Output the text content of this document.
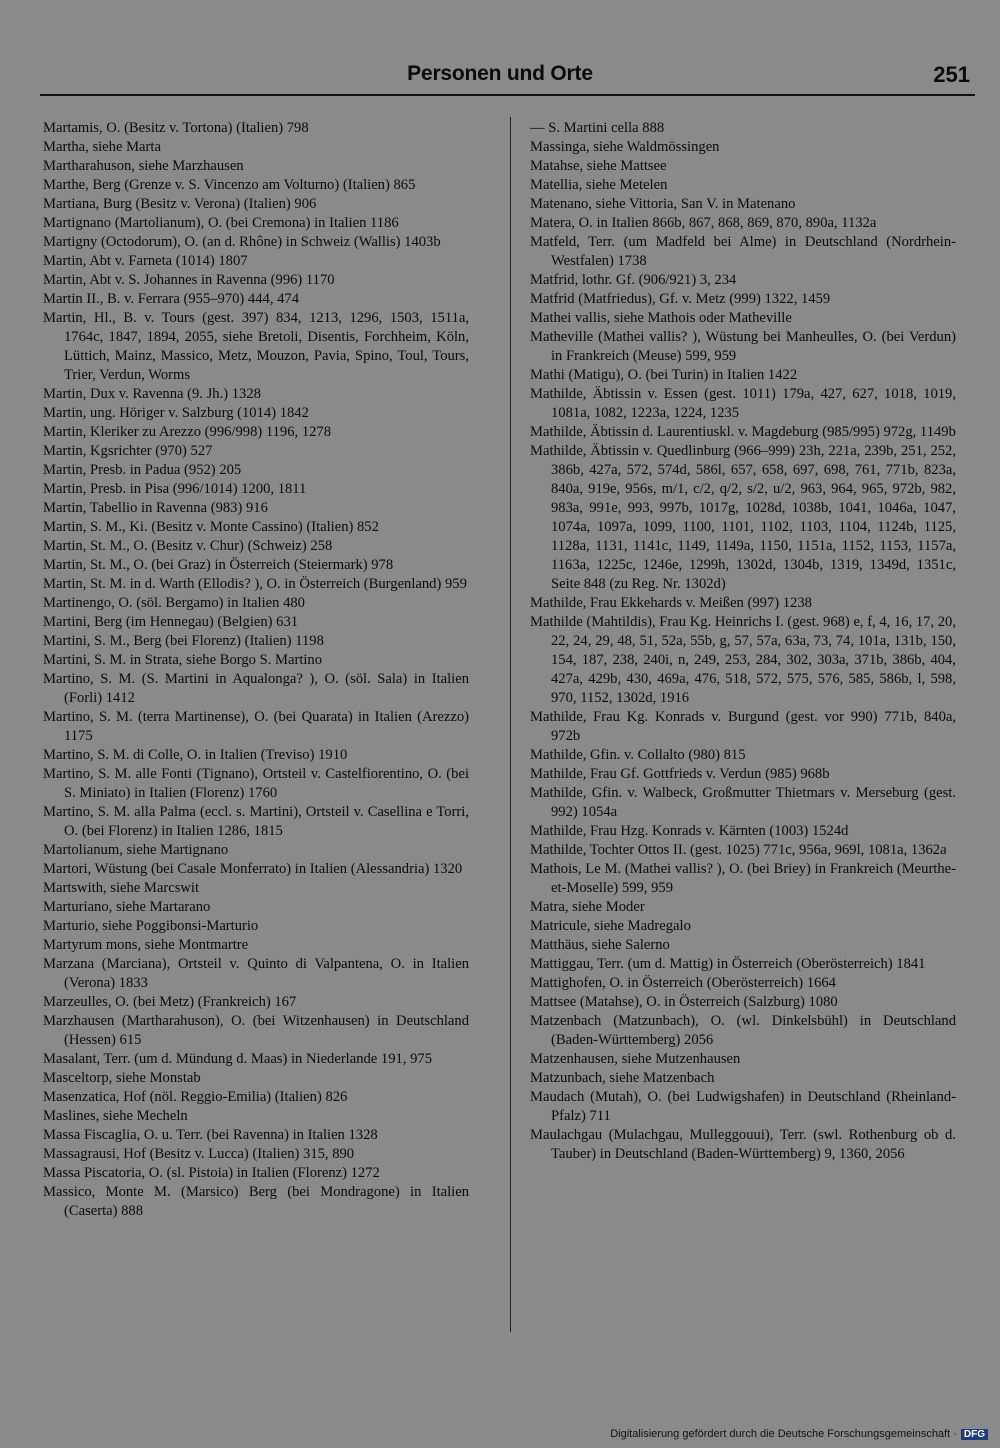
Personen und Orte	251

Martamis, O. (Besitz v. Tortona) (Italien) 798

Martha, siehe Marta

Martharahuson, siehe Marzhausen

Marthe, Berg (Grenze v. S. Vincenzo am Volturno) (Italien) 865

Martiana, Burg (Besitz v. Verona) (Italien) 906

Martignano (Martolianum), O. (bei Cremona) in Italien 1186

Martigny (Octodorum), O. (an d. Rhône) in Schweiz (Wallis) 1403b

Martin, Abt v. Farneta (1014) 1807

Martin, Abt v. S. Johannes in Ravenna (996) 1170

Martin II., B. v. Ferrara (955–970) 444, 474

Martin, Hl., B. v. Tours (gest. 397) 834, 1213, 1296, 1503, 1511a, 1764c, 1847, 1894, 2055, siehe Bretoli, Disentis, Forchheim, Köln, Lüttich, Mainz, Massico, Metz, Mouzon, Pavia, Spino, Toul, Tours, Trier, Verdun, Worms

Martin, Dux v. Ravenna (9. Jh.) 1328

Martin, ung. Höriger v. Salzburg (1014) 1842

Martin, Kleriker zu Arezzo (996/998) 1196, 1278

Martin, Kgsrichter (970) 527

Martin, Presb. in Padua (952) 205

Martin, Presb. in Pisa (996/1014) 1200, 1811

Martin, Tabellio in Ravenna (983) 916

Martin, S. M., Ki. (Besitz v. Monte Cassino) (Italien) 852

Martin, St. M., O. (Besitz v. Chur) (Schweiz) 258

Martin, St. M., O. (bei Graz) in Österreich (Steiermark) 978

Martin, St. M. in d. Warth (Ellodis? ), O. in Österreich (Burgenland) 959

Martinengo, O. (söl. Bergamo) in Italien 480

Martini, Berg (im Hennegau) (Belgien) 631

Martini, S. M., Berg (bei Florenz) (Italien) 1198

Martini, S. M. in Strata, siehe Borgo S. Martino

Martino, S. M. (S. Martini in Aqualonga? ), O. (söl. Sala) in Italien (Forli) 1412

Martino, S. M. (terra Martinense), O. (bei Quarata) in Italien (Arezzo) 1175

Martino, S. M. di Colle, O. in Italien (Treviso) 1910

Martino, S. M. alle Fonti (Tignano), Ortsteil v. Castelfiorentino, O. (bei S. Miniato) in Italien (Florenz) 1760

Martino, S. M. alla Palma (eccl. s. Martini), Ortsteil v. Casellina e Torri, O. (bei Florenz) in Italien 1286, 1815

Martolianum, siehe Martignano

Martori, Wüstung (bei Casale Monferrato) in Italien (Alessandria) 1320

Martswith, siehe Marcswit

Marturiano, siehe Martarano

Marturio, siehe Poggibonsi-Marturio

Martyrum mons, siehe Montmartre

Marzana (Marciana), Ortsteil v. Quinto di Valpantena, O. in Italien (Verona) 1833

Marzeulles, O. (bei Metz) (Frankreich) 167

Marzhausen (Martharahuson), O. (bei Witzenhausen) in Deutschland (Hessen) 615

Masalant, Terr. (um d. Mündung d. Maas) in Niederlande 191, 975

Masceltorp, siehe Monstab

Masenzatica, Hof (nöl. Reggio-Emilia) (Italien) 826

Maslines, siehe Mecheln

Massa Fiscaglia, O. u. Terr. (bei Ravenna) in Italien 1328

Massagrausi, Hof (Besitz v. Lucca) (Italien) 315, 890

Massa Piscatoria, O. (sl. Pistoia) in Italien (Florenz) 1272

Massico, Monte M. (Marsico) Berg (bei Mondragone) in Italien (Caserta) 888

— S. Martini cella 888

Massinga, siehe Waldmössingen

Matahse, siehe Mattsee

Matellia, siehe Metelen

Matenano, siehe Vittoria, San V. in Matenano

Matera, O. in Italien 866b, 867, 868, 869, 870, 890a, 1132a

Matfeld, Terr. (um Madfeld bei Alme) in Deutschland (Nordrhein-Westfalen) 1738

Matfrid, lothr. Gf. (906/921) 3, 234

Matfrid (Matfriedus), Gf. v. Metz (999) 1322, 1459

Mathei vallis, siehe Mathois oder Matheville

Matheville (Mathei vallis? ), Wüstung bei Manheulles, O. (bei Verdun) in Frankreich (Meuse) 599, 959

Mathi (Matigu), O. (bei Turin) in Italien 1422

Mathilde, Äbtissin v. Essen (gest. 1011) 179a, 427, 627, 1018, 1019, 1081a, 1082, 1223a, 1224, 1235

Mathilde, Äbtissin d. Laurentiuskl. v. Magdeburg (985/995) 972g, 1149b

Mathilde, Äbtissin v. Quedlinburg (966–999) 23h, 221a, 239b, 251, 252, 386b, 427a, 572, 574d, 586l, 657, 658, 697, 698, 761, 771b, 823a, 840a, 919e, 956s, m/1, c/2, q/2, s/2, u/2, 963, 964, 965, 972b, 982, 983a, 991e, 993, 997b, 1017g, 1028d, 1038b, 1041, 1046a, 1047, 1074a, 1097a, 1099, 1100, 1101, 1102, 1103, 1104, 1124b, 1125, 1128a, 1131, 1141c, 1149, 1149a, 1150, 1151a, 1152, 1153, 1157a, 1163a, 1225c, 1246e, 1299h, 1302d, 1304b, 1319, 1349d, 1351c, Seite 848 (zu Reg. Nr. 1302d)

Mathilde, Frau Ekkehards v. Meißen (997) 1238

Mathilde (Mahtildis), Frau Kg. Heinrichs I. (gest. 968) e, f, 4, 16, 17, 20, 22, 24, 29, 48, 51, 52a, 55b, g, 57, 57a, 63a, 73, 74, 101a, 131b, 150, 154, 187, 238, 240i, n, 249, 253, 284, 302, 303a, 371b, 386b, 404, 427a, 429b, 430, 469a, 476, 518, 572, 575, 576, 585, 586b, l, 598, 970, 1152, 1302d, 1916

Mathilde, Frau Kg. Konrads v. Burgund (gest. vor 990) 771b, 840a, 972b

Mathilde, Gfin. v. Collalto (980) 815

Mathilde, Frau Gf. Gottfrieds v. Verdun (985) 968b

Mathilde, Gfin. v. Walbeck, Großmutter Thietmars v. Merseburg (gest. 992) 1054a

Mathilde, Frau Hzg. Konrads v. Kärnten (1003) 1524d

Mathilde, Tochter Ottos II. (gest. 1025) 771c, 956a, 969l, 1081a, 1362a

Mathois, Le M. (Mathei vallis? ), O. (bei Briey) in Frankreich (Meurthe-et-Moselle) 599, 959

Matra, siehe Moder

Matricule, siehe Madregalo

Matthäus, siehe Salerno

Mattiggau, Terr. (um d. Mattig) in Österreich (Oberösterreich) 1841

Mattighofen, O. in Österreich (Oberösterreich) 1664

Mattsee (Matahse), O. in Österreich (Salzburg) 1080

Matzenbach (Matzunbach), O. (wl. Dinkelsbühl) in Deutschland (Baden-Württemberg) 2056

Matzenhausen, siehe Mutzenhausen

Matzunbach, siehe Matzenbach

Maudach (Mutah), O. (bei Ludwigshafen) in Deutschland (Rheinland-Pfalz) 711

Maulachgau (Mulachgau, Mulleggouui), Terr. (swl. Rothenburg ob d. Tauber) in Deutschland (Baden-Württemberg) 9, 1360, 2056

Digitalisierung gefördert durch die Deutsche Forschungsgemeinschaft · DFG
